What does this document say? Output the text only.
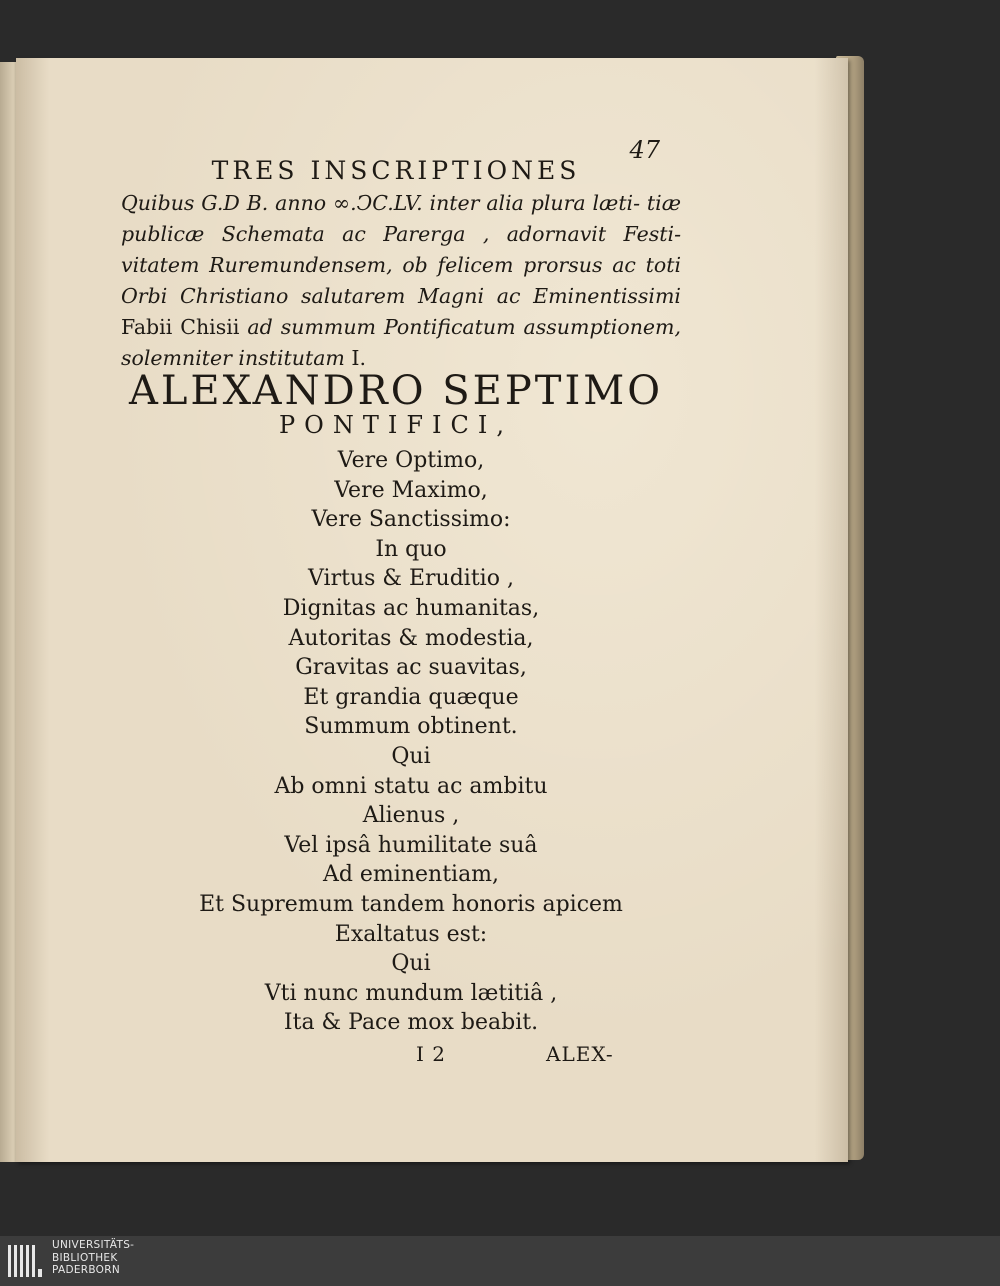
47
TRES INSCRIPTIONES
Quibus G.D B. anno ∞.ↃC.LV. inter alia plura læti- tiæ publicæ Schemata ac Parerga , adornavit Festi- vitatem Ruremundensem, ob felicem prorsus ac toti Orbi Christiano salutarem Magni ac Eminentissimi Fabii Chisii ad summum Pontificatum assumptionem, solemniter institutam I.
ALEXANDRO SEPTIMO
PONTIFICI,
Vere Optimo,
Vere Maximo,
Vere Sanctissimo:
In quo
Virtus & Eruditio ,
Dignitas ac humanitas,
Autoritas & modestia,
Gravitas ac suavitas,
Et grandia quæque
Summum obtinent.
Qui
Ab omni statu ac ambitu
Alienus ,
Vel ipsâ humilitate suâ
Ad eminentiam,
Et Supremum tandem honoris apicem
Exaltatus est:
Qui
Vti nunc mundum lætitiâ ,
Ita & Pace mox beabit.
I 2	ALEX-
UNIVERSITÄTS-
BIBLIOTHEK
PADERBORN
